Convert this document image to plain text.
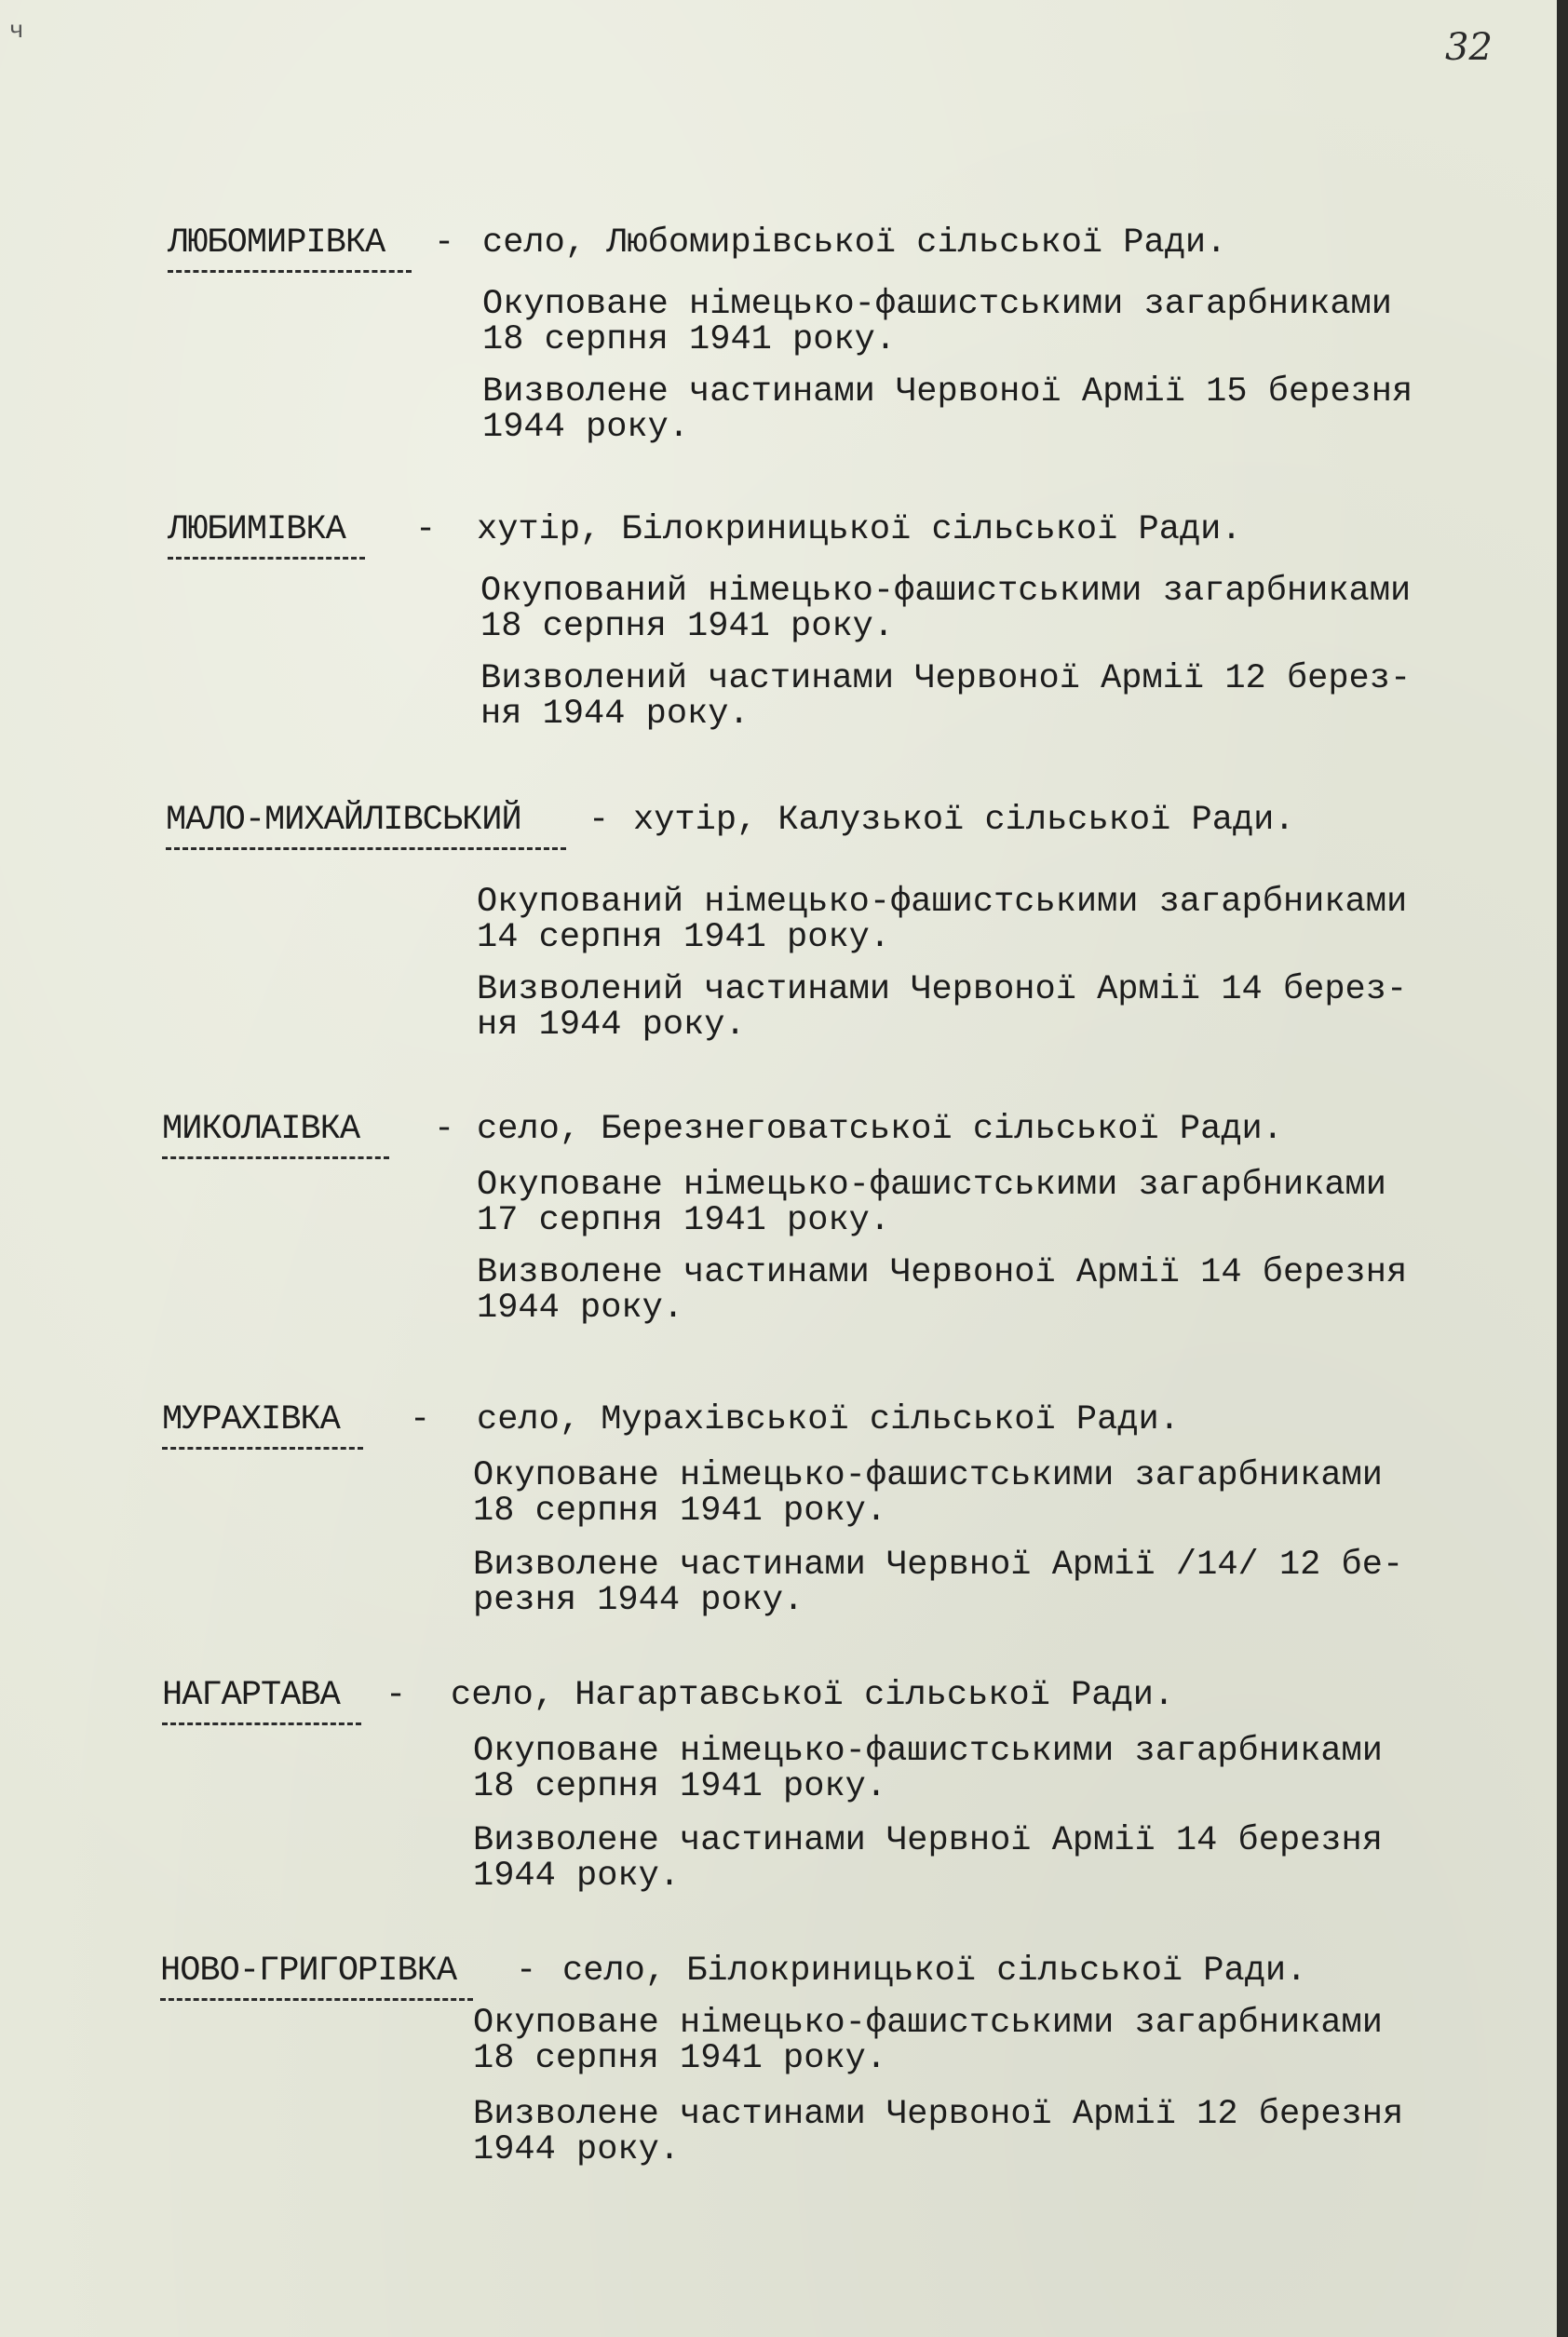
ч	32
ЛЮБОМИРІВКА - село, Любомирівської сільської Ради.
Окуповане німецько-фашистськими загарбниками
18 серпня 1941 року.
Визволене частинами Червоної Армії 15 березня
1944 року.
ЛЮБИМІВКА - хутір, Білокриницької сільської Ради.
Окупований німецько-фашистськими загарбниками
18 серпня 1941 року.
Визволений частинами Червоної Армії 12 берез-
ня 1944 року.
МАЛО-МИХАЙЛІВСЬКИЙ - хутір, Калузької сільської Ради.
Окупований німецько-фашистськими загарбниками
14 серпня 1941 року.
Визволений частинами Червоної Армії 14 берез-
ня 1944 року.
МИКОЛАІВКА - село, Березнеговатської сільської Ради.
Окуповане німецько-фашистськими загарбниками
17 серпня 1941 року.
Визволене частинами Червоної Армії 14 березня
1944 року.
МУРАХІВКА - село, Мурахівської сільської Ради.
Окуповане німецько-фашистськими загарбниками
18 серпня 1941 року.
Визволене частинами Червної Армії /14/ 12 бе-
резня 1944 року.
НАГАРТАВА - село, Нагартавської сільської Ради.
Окуповане німецько-фашистськими загарбниками
18 серпня 1941 року.
Визволене частинами Червної Армії 14 березня
1944 року.
НОВО-ГРИГОРІВКА - село, Білокриницької сільської Ради.
Окуповане німецько-фашистськими загарбниками
18 серпня 1941 року.
Визволене частинами Червоної Армії 12 березня
1944 року.
